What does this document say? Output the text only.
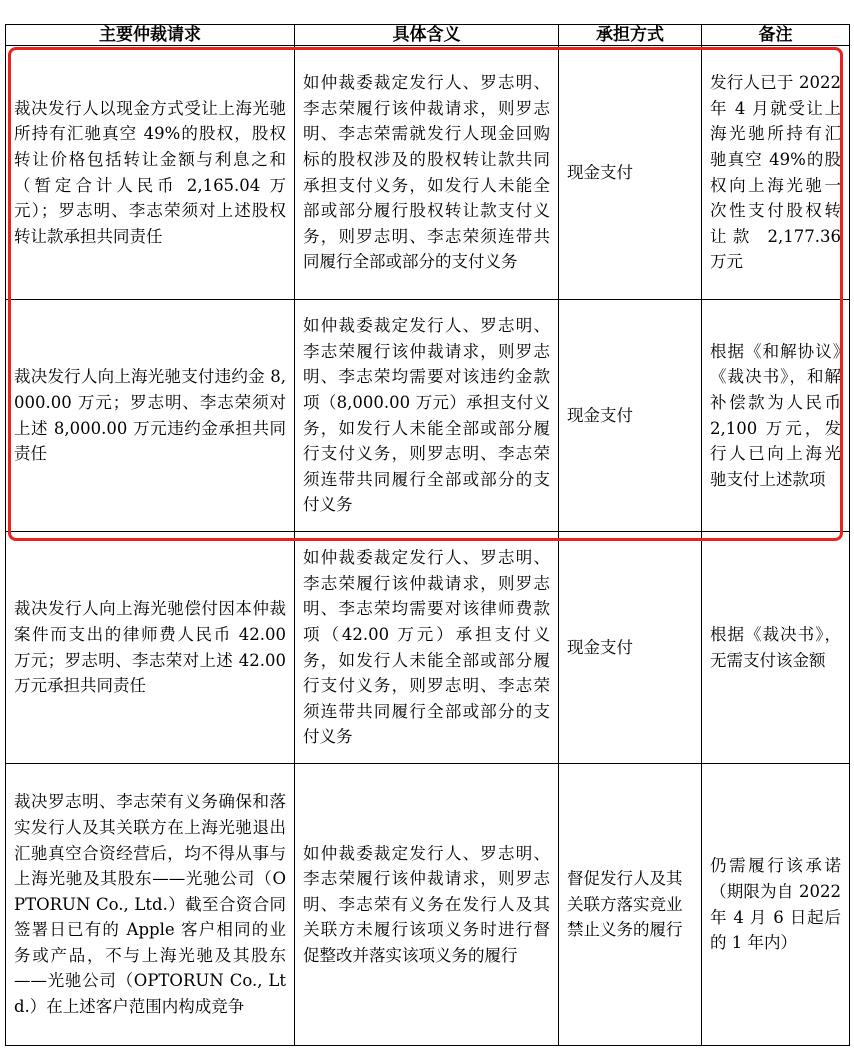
主要仲裁请求	具体含义	承担方式	备注
裁决发行人以现金方式受让上海光驰所持有汇驰真空 49%的股权，股权转让价格包括转让金额与利息之和（暂定合计人民币 2,165.04 万元）；罗志明、李志荣须对上述股权转让款承担共同责任	如仲裁委裁定发行人、罗志明、李志荣履行该仲裁请求，则罗志明、李志荣需就发行人现金回购标的股权涉及的股权转让款共同承担支付义务，如发行人未能全部或部分履行股权转让款支付义务，则罗志明、李志荣须连带共同履行全部或部分的支付义务	现金支付	发行人已于 2022 年 4 月就受让上海光驰所持有汇驰真空 49%的股权向上海光驰一次性支付股权转让款 2,177.36 万元
裁决发行人向上海光驰支付违约金 8,000.00 万元；罗志明、李志荣须对上述 8,000.00 万元违约金承担共同责任	如仲裁委裁定发行人、罗志明、李志荣履行该仲裁请求，则罗志明、李志荣均需要对该违约金款项（8,000.00 万元）承担支付义务，如发行人未能全部或部分履行支付义务，则罗志明、李志荣须连带共同履行全部或部分的支付义务	现金支付	根据《和解协议》《裁决书》，和解补偿款为人民币 2,100 万元，发行人已向上海光驰支付上述款项
裁决发行人向上海光驰偿付因本仲裁案件而支出的律师费人民币 42.00 万元；罗志明、李志荣对上述 42.00 万元承担共同责任	如仲裁委裁定发行人、罗志明、李志荣履行该仲裁请求，则罗志明、李志荣均需要对该律师费款项（42.00 万元）承担支付义务，如发行人未能全部或部分履行支付义务，则罗志明、李志荣须连带共同履行全部或部分的支付义务	现金支付	根据《裁决书》，无需支付该金额
裁决罗志明、李志荣有义务确保和落实发行人及其关联方在上海光驰退出汇驰真空合资经营后，均不得从事与上海光驰及其股东——光驰公司（OPTORUN Co., Ltd.）截至合资合同签署日已有的 Apple 客户相同的业务或产品，不与上海光驰及其股东——光驰公司（OPTORUN Co., Ltd.）在上述客户范围内构成竞争	如仲裁委裁定发行人、罗志明、李志荣履行该仲裁请求，则罗志明、李志荣有义务在发行人及其关联方未履行该项义务时进行督促整改并落实该项义务的履行	督促发行人及其关联方落实竞业禁止义务的履行	仍需履行该承诺（期限为自 2022 年 4 月 6 日起后的 1 年内）
